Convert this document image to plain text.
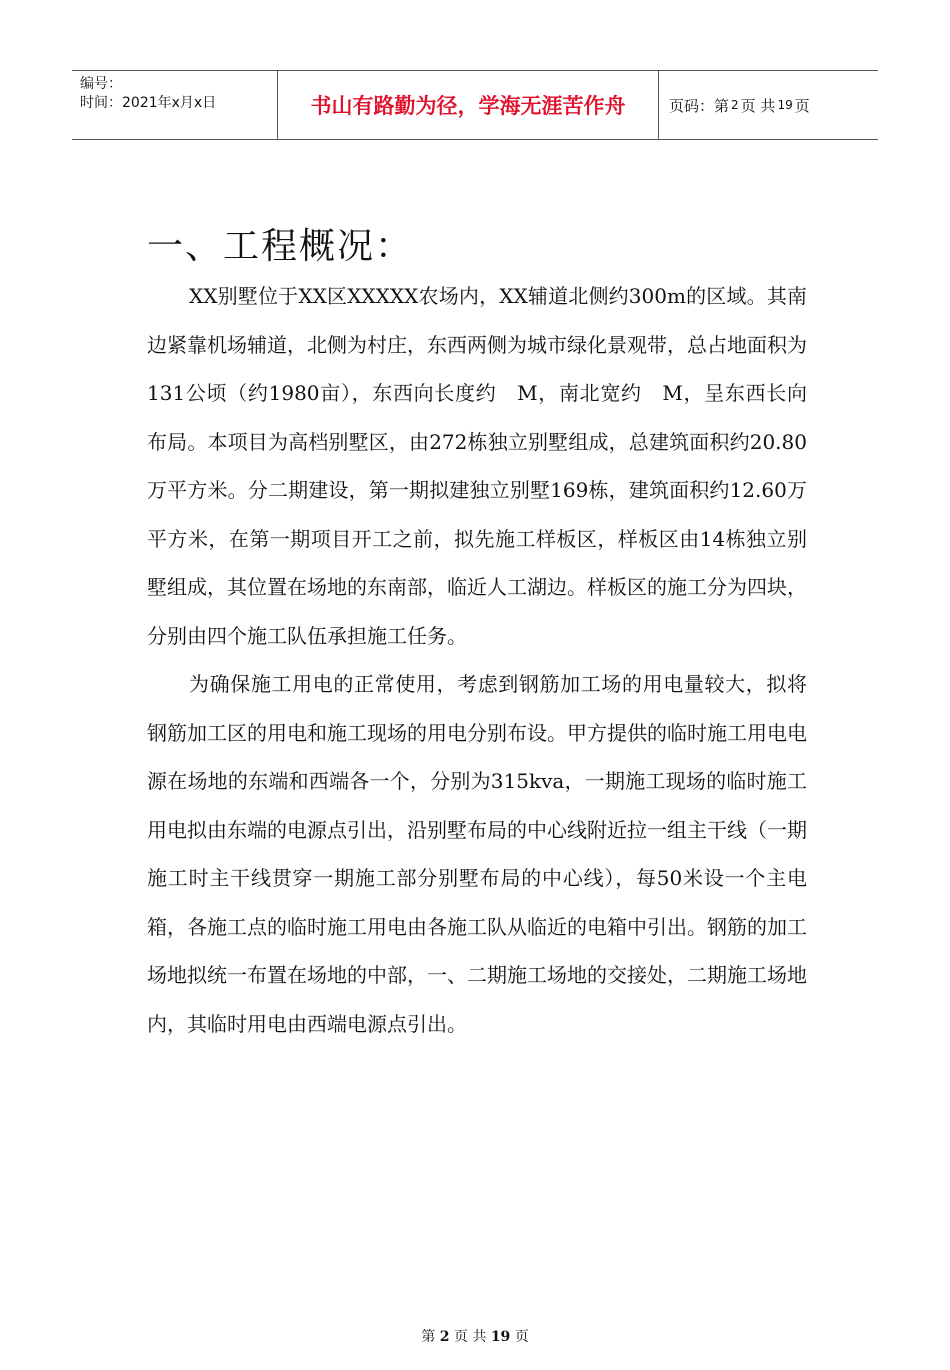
编号：
时间：2021年x月x日	书山有路勤为径，学海无涯苦作舟	页码：第 2 页 共 19 页
一、工程概况：

XX别墅位于XX区XXXXX农场内，XX辅道北侧约300m的区域。其南边紧靠机场辅道，北侧为村庄，东西两侧为城市绿化景观带，总占地面积为131公顷（约1980亩），东西向长度约　M，南北宽约　M，呈东西长向布局。本项目为高档别墅区，由272栋独立别墅组成，总建筑面积约20.80万平方米。分二期建设，第一期拟建独立别墅169栋，建筑面积约12.60万平方米，在第一期项目开工之前，拟先施工样板区，样板区由14栋独立别墅组成，其位置在场地的东南部，临近人工湖边。样板区的施工分为四块，分别由四个施工队伍承担施工任务。

为确保施工用电的正常使用，考虑到钢筋加工场的用电量较大，拟将钢筋加工区的用电和施工现场的用电分别布设。甲方提供的临时施工用电电源在场地的东端和西端各一个，分别为315kva，一期施工现场的临时施工用电拟由东端的电源点引出，沿别墅布局的中心线附近拉一组主干线（一期施工时主干线贯穿一期施工部分别墅布局的中心线），每50米设一个主电箱，各施工点的临时施工用电由各施工队从临近的电箱中引出。钢筋的加工场地拟统一布置在场地的中部，一、二期施工场地的交接处，二期施工场地内，其临时用电由西端电源点引出。

第 2 页 共 19 页
